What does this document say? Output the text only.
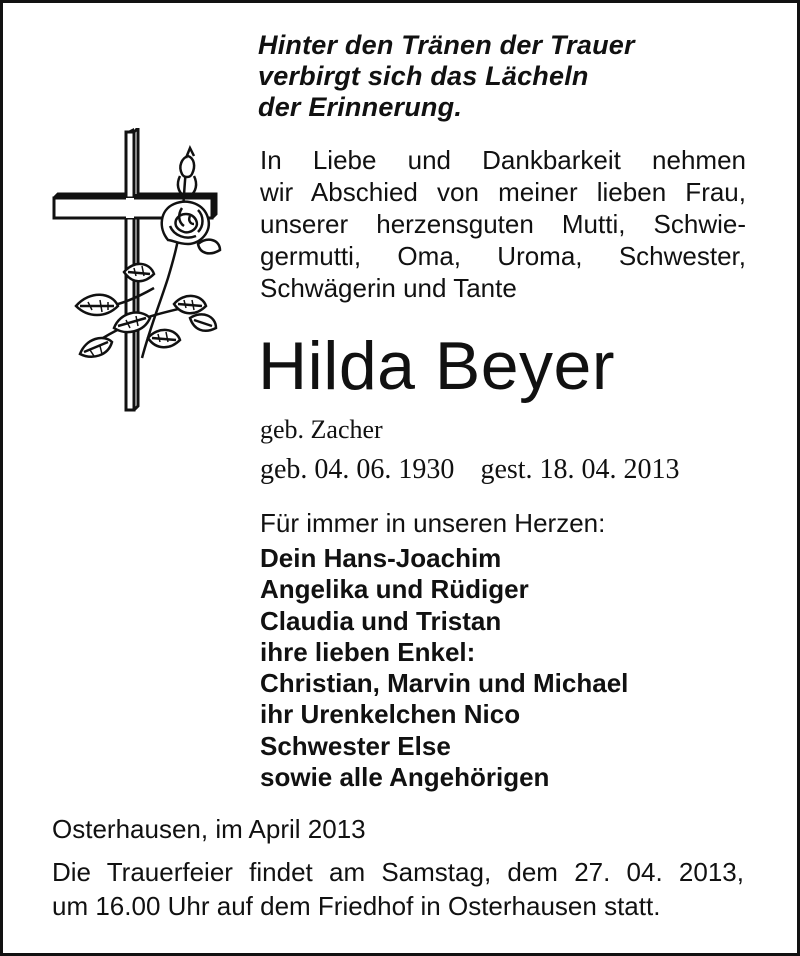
Hinter den Tränen der Trauer
verbirgt sich das Lächeln
der Erinnerung.
In Liebe und Dankbarkeit nehmen
wir Abschied von meiner lieben Frau,
unserer herzensguten Mutti, Schwie-
germutti, Oma, Uroma, Schwester,
Schwägerin und Tante
Hilda Beyer
geb. Zacher
geb. 04. 06. 1930 gest. 18. 04. 2013
Für immer in unseren Herzen:
Dein Hans-Joachim
Angelika und Rüdiger
Claudia und Tristan
ihre lieben Enkel:
Christian, Marvin und Michael
ihr Urenkelchen Nico
Schwester Else
sowie alle Angehörigen
Osterhausen, im April 2013
Die Trauerfeier findet am Samstag, dem 27. 04. 2013,
um 16.00 Uhr auf dem Friedhof in Osterhausen statt.
